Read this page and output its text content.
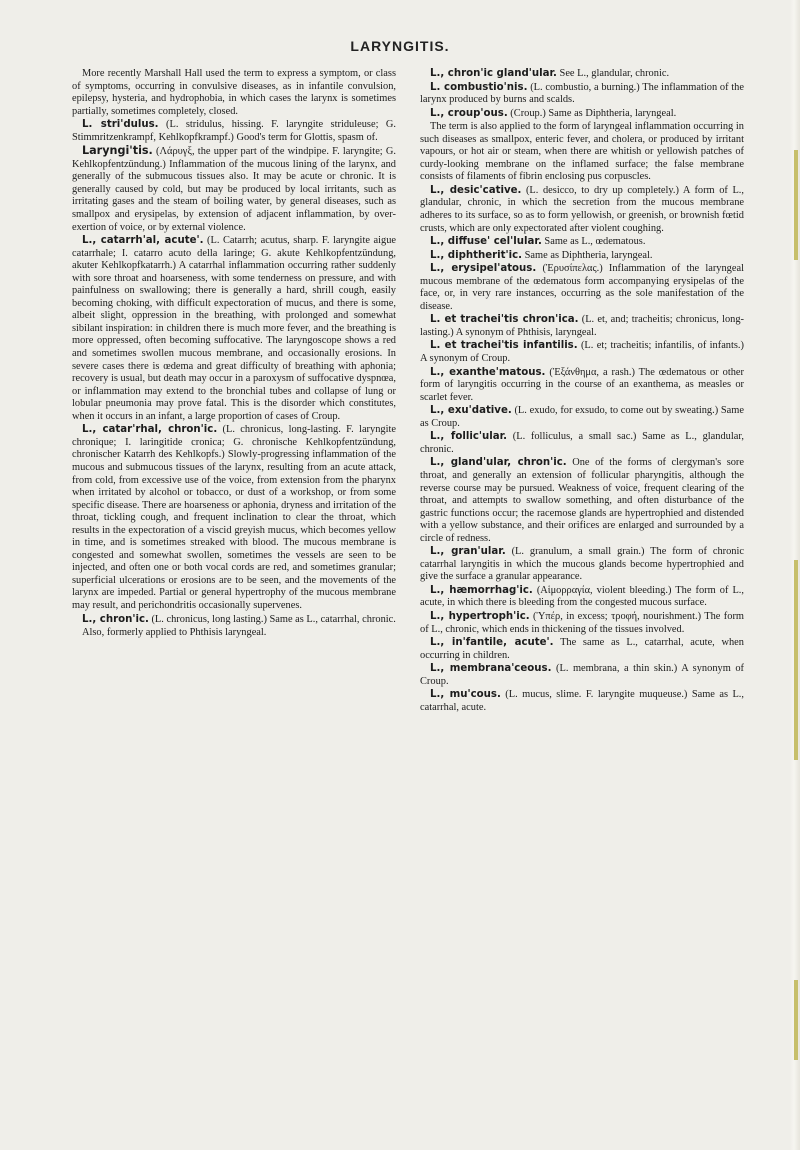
LARYNGITIS.

More recently Marshall Hall used the term to express a symptom, or class of symptoms, occurring in convulsive diseases, as in infantile convulsion, epilepsy, hysteria, and hydrophobia, in which cases the larynx is sometimes partially, sometimes completely, closed.

L. stri'dulus. (L. stridulus, hissing. F. laryngite striduleuse; G. Stimmritzenkrampf, Kehlkopfkrampf.) Good's term for Glottis, spasm of.

Laryngi'tis. (Λάρυγξ, the upper part of the windpipe. F. laryngite; G. Kehlkopfentzündung.) Inflammation of the mucous lining of the larynx, and generally of the submucous tissues also. It may be acute or chronic. It is generally caused by cold, but may be produced by local irritants, such as irritating gases and the steam of boiling water, by general diseases, such as smallpox and erysipelas, by extension of adjacent inflammation, by over-exertion of voice, or by external violence.

L., catarrh'al, acute'. (L. Catarrh; acutus, sharp. F. laryngite aigue catarrhale; I. catarro acuto della laringe; G. akute Kehlkopfentzündung, akuter Kehlkopfkatarrh.) A catarrhal inflammation occurring rather suddenly with sore throat and hoarseness, with some tenderness on pressure, and with painfulness on swallowing; there is generally a hard, shrill cough, easily becoming choking, with difficult expectoration of mucus, and there is some, albeit slight, oppression in the breathing, with prolonged and somewhat sibilant inspiration: in children there is much more fever, and the breathing is more oppressed, often becoming suffocative. The laryngoscope shows a red and sometimes swollen mucous membrane, and occasionally erosions. In severe cases there is œdema and great difficulty of breathing with aphonia; recovery is usual, but death may occur in a paroxysm of suffocative dyspnœa, or inflammation may extend to the bronchial tubes and collapse of lung or lobular pneumonia may prove fatal. This is the disorder which constitutes, when it occurs in an infant, a large proportion of cases of Croup.

L., catar'rhal, chron'ic. (L. chronicus, long-lasting. F. laryngite chronique; I. laringitide cronica; G. chronische Kehlkopfentzündung, chronischer Katarrh des Kehlkopfs.) Slowly-progressing inflammation of the mucous and submucous tissues of the larynx, resulting from an acute attack, from cold, from excessive use of the voice, from extension from the pharynx when irritated by alcohol or tobacco, or dust of a workshop, or from some specific disease. There are hoarseness or aphonia, dryness and irritation of the throat, tickling cough, and frequent inclination to clear the throat, which results in the expectoration of a viscid greyish mucus, which becomes yellow in time, and is sometimes streaked with blood. The mucous membrane is congested and somewhat swollen, sometimes the vessels are seen to be injected, and often one or both vocal cords are red, and sometimes granular; superficial ulcerations or erosions are to be seen, and the movements of the larynx are impeded. Partial or general hypertrophy of the mucous membrane may result, and perichondritis occasionally supervenes.

L., chron'ic. (L. chronicus, long lasting.) Same as L., catarrhal, chronic.

Also, formerly applied to Phthisis laryngeal.

L., chron'ic gland'ular. See L., glandular, chronic.

L. combustio'nis. (L. combustio, a burning.) The inflammation of the larynx produced by burns and scalds.

L., croup'ous. (Croup.) Same as Diphtheria, laryngeal.

The term is also applied to the form of laryngeal inflammation occurring in such diseases as smallpox, enteric fever, and cholera, or produced by irritant vapours, or hot air or steam, when there are whitish or yellowish patches of curdy-looking membrane on the inflamed surface; the false membrane consists of filaments of fibrin enclosing pus corpuscles.

L., desic'cative. (L. desicco, to dry up completely.) A form of L., glandular, chronic, in which the secretion from the mucous membrane adheres to its surface, so as to form yellowish, or greenish, or brownish fœtid crusts, which are only expectorated after violent coughing.

L., diffuse' cel'lular. Same as L., œdematous.

L., diphtherit'ic. Same as Diphtheria, laryngeal.

L., erysipel'atous. (Ἐρυσίπελας.) Inflammation of the laryngeal mucous membrane of the œdematous form accompanying erysipelas of the face, or, in very rare instances, occurring as the sole manifestation of the disease.

L. et trachei'tis chron'ica. (L. et, and; tracheitis; chronicus, long-lasting.) A synonym of Phthisis, laryngeal.

L. et trachei'tis infantilis. (L. et; tracheitis; infantilis, of infants.) A synonym of Croup.

L., exanthe'matous. (Ἐξάνθημα, a rash.) The œdematous or other form of laryngitis occurring in the course of an exanthema, as measles or scarlet fever.

L., exu'dative. (L. exudo, for exsudo, to come out by sweating.) Same as Croup.

L., follic'ular. (L. folliculus, a small sac.) Same as L., glandular, chronic.

L., gland'ular, chron'ic. One of the forms of clergyman's sore throat, and generally an extension of follicular pharyngitis, although the reverse course may be pursued. Weakness of voice, frequent clearing of the throat, and attempts to swallow something, and often disturbance of the gastric functions occur; the racemose glands are hypertrophied and distended with a yellow substance, and their orifices are enlarged and surrounded by a circle of redness.

L., gran'ular. (L. granulum, a small grain.) The form of chronic catarrhal laryngitis in which the mucous glands become hypertrophied and give the surface a granular appearance.

L., hæmorrhag'ic. (Αἱμορραγία, violent bleeding.) The form of L., acute, in which there is bleeding from the congested mucous surface.

L., hypertroph'ic. (Ὑπέρ, in excess; τροφή, nourishment.) The form of L., chronic, which ends in thickening of the tissues involved.

L., in'fantile, acute'. The same as L., catarrhal, acute, when occurring in children.

L., membrana'ceous. (L. membrana, a thin skin.) A synonym of Croup.

L., mu'cous. (L. mucus, slime. F. laryngite muqueuse.) Same as L., catarrhal, acute.
